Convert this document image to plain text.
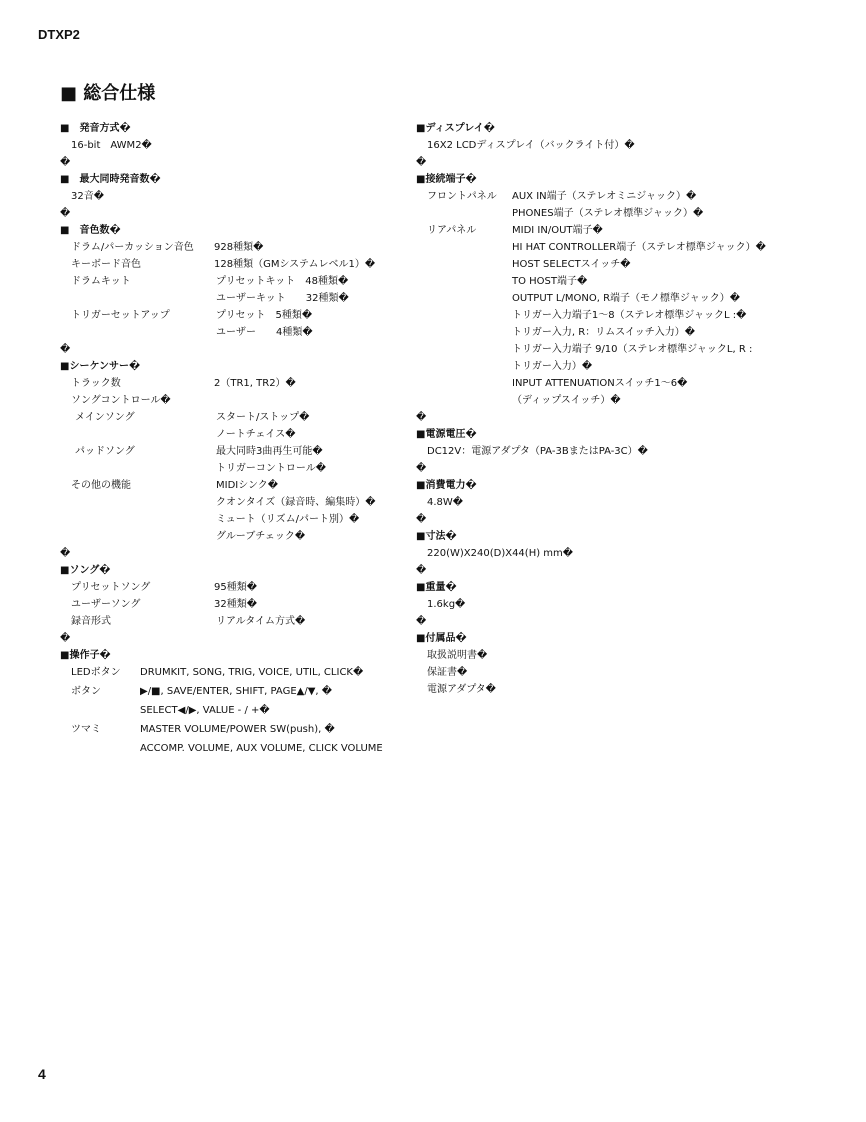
DTXP2
■ 総合仕様
■　発音方式�
16-bit　AWM2�
�
■　最大同時発音数�
32音�
�
■　音色数�
ドラム/パーカッション音色 928種類�
キーボード音色	128種類（GMシステムレベル1）�
ドラムキット	プリセットキット　48種類�
ユーザーキット　　32種類�
トリガーセットアップ	プリセット　5種類�
ユーザー　　4種類�
�
■シーケンサー�
トラック数	2（TR1, TR2）�
ソングコントロール�
メインソング	スタート/ストップ�
ノートチェイス�
パッドソング	最大同時3曲再生可能�
トリガーコントロール�
その他の機能	MIDIシンク�
クオンタイズ（録音時、編集時）�
ミュート（リズム/パート別）�
グルーブチェック�
�
■ソング�
プリセットソング	95種類�
ユーザーソング	32種類�
録音形式	リアルタイム方式�
�
■操作子�
LEDボタン DRUMKIT, SONG, TRIG, VOICE, UTIL, CLICK�
ボタン	▶/■, SAVE/ENTER, SHIFT, PAGE▲/▼, �
SELECT◀/▶, VALUE - / +�
ツマミ	MASTER VOLUME/POWER SW(push), �
ACCOMP. VOLUME, AUX VOLUME, CLICK VOLUME
■ディスプレイ�
16X2 LCDディスプレイ（バックライト付）�
�
■接続端子�
フロントパネル AUX IN端子（ステレオミニジャック）�
PHONES端子（ステレオ標準ジャック）�
リアパネル	MIDI IN/OUT端子�
HI HAT CONTROLLER端子（ステレオ標準ジャック）�
HOST SELECTスイッチ�
TO HOST端子�
OUTPUT L/MONO, R端子（モノ標準ジャック）�
トリガー入力端子1～8（ステレオ標準ジャックL :�
トリガー入力, R：リムスイッチ入力）�
トリガー入力端子 9/10（ステレオ標準ジャックL, R :
トリガー入力）�
INPUT ATTENUATIONスイッチ1～6�
（ディップスイッチ）�
�
■電源電圧�
DC12V：電源アダプタ（PA-3BまたはPA-3C）�
�
■消費電力�
4.8W�
�
■寸法�
220(W)X240(D)X44(H) mm�
�
■重量�
1.6kg�
�
■付属品�
取扱説明書�
保証書�
電源アダプタ�
4
